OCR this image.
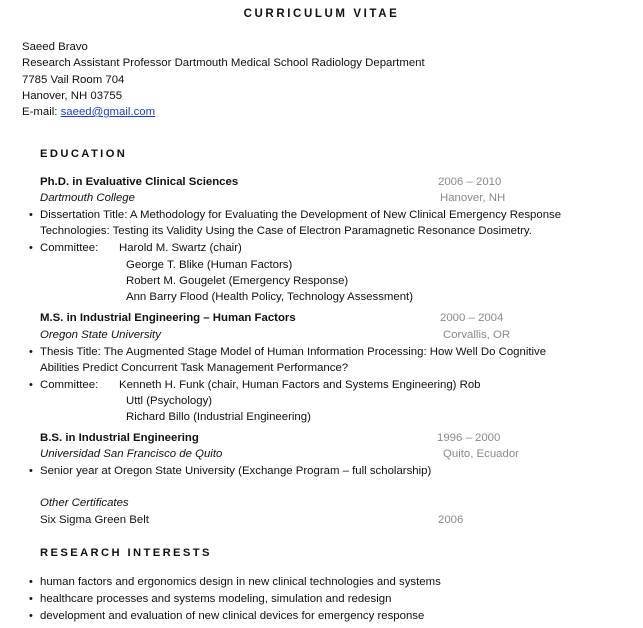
CURRICULUM VITAE
Saeed Bravo
Research Assistant Professor Dartmouth Medical School Radiology Department
7785 Vail Room 704
Hanover, NH 03755
E-mail: saeed@gmail.com
EDUCATION
Ph.D. in Evaluative Clinical Sciences	2006 – 2010
Dartmouth College	Hanover, NH
• Dissertation Title: A Methodology for Evaluating the Development of New Clinical Emergency Response
Technologies: Testing its Validity Using the Case of Electron Paramagnetic Resonance Dosimetry.
• Committee: Harold M. Swartz (chair)
George T. Blike (Human Factors)
Robert M. Gougelet (Emergency Response)
Ann Barry Flood (Health Policy, Technology Assessment)
M.S. in Industrial Engineering – Human Factors	2000 – 2004
Oregon State University	Corvallis, OR
• Thesis Title: The Augmented Stage Model of Human Information Processing: How Well Do Cognitive
Abilities Predict Concurrent Task Management Performance?
• Committee: Kenneth H. Funk (chair, Human Factors and Systems Engineering) Rob
Uttl (Psychology)
Richard Billo (Industrial Engineering)
B.S. in Industrial Engineering	1996 – 2000
Universidad San Francisco de Quito	Quito, Ecuador
• Senior year at Oregon State University (Exchange Program – full scholarship)
Other Certificates
Six Sigma Green Belt	2006
RESEARCH INTERESTS
• human factors and ergonomics design in new clinical technologies and systems
• healthcare processes and systems modeling, simulation and redesign
• development and evaluation of new clinical devices for emergency response
